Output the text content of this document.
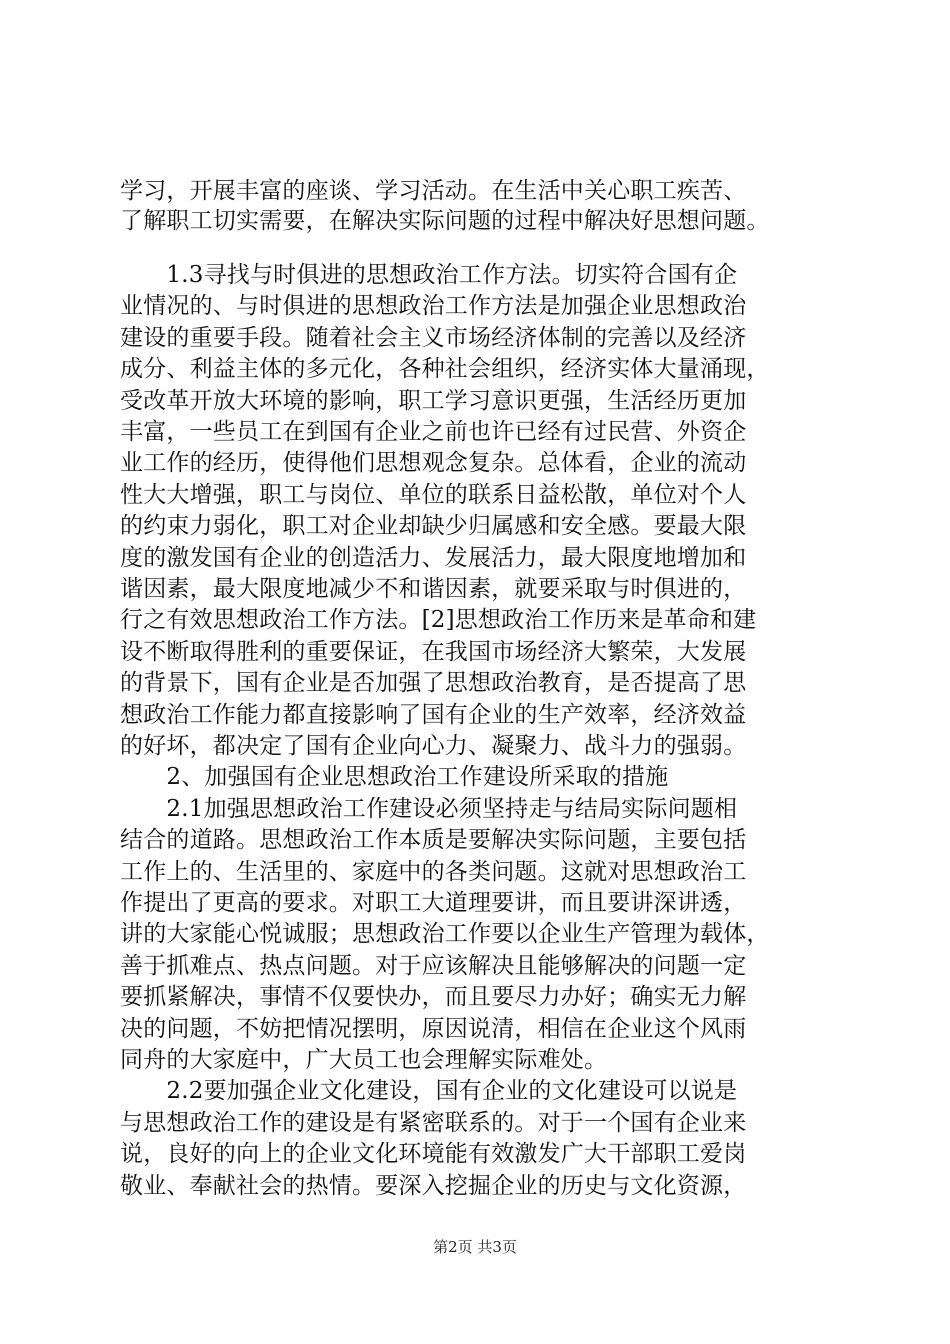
学习，开展丰富的座谈、学习活动。在生活中关心职工疾苦、
了解职工切实需要，在解决实际问题的过程中解决好思想问题。
　　1.3寻找与时俱进的思想政治工作方法。切实符合国有企
业情况的、与时俱进的思想政治工作方法是加强企业思想政治
建设的重要手段。随着社会主义市场经济体制的完善以及经济
成分、利益主体的多元化，各种社会组织，经济实体大量涌现，
受改革开放大环境的影响，职工学习意识更强，生活经历更加
丰富，一些员工在到国有企业之前也许已经有过民营、外资企
业工作的经历，使得他们思想观念复杂。总体看，企业的流动
性大大增强，职工与岗位、单位的联系日益松散，单位对个人
的约束力弱化，职工对企业却缺少归属感和安全感。要最大限
度的激发国有企业的创造活力、发展活力，最大限度地增加和
谐因素，最大限度地减少不和谐因素，就要采取与时俱进的，
行之有效思想政治工作方法。[2]思想政治工作历来是革命和建
设不断取得胜利的重要保证，在我国市场经济大繁荣，大发展
的背景下，国有企业是否加强了思想政治教育，是否提高了思
想政治工作能力都直接影响了国有企业的生产效率，经济效益
的好坏，都决定了国有企业向心力、凝聚力、战斗力的强弱。
　　2、加强国有企业思想政治工作建设所采取的措施
　　2.1加强思想政治工作建设必须坚持走与结局实际问题相
结合的道路。思想政治工作本质是要解决实际问题，主要包括
工作上的、生活里的、家庭中的各类问题。这就对思想政治工
作提出了更高的要求。对职工大道理要讲，而且要讲深讲透，
讲的大家能心悦诚服；思想政治工作要以企业生产管理为载体，
善于抓难点、热点问题。对于应该解决且能够解决的问题一定
要抓紧解决，事情不仅要快办，而且要尽力办好；确实无力解
决的问题，不妨把情况摆明，原因说清，相信在企业这个风雨
同舟的大家庭中，广大员工也会理解实际难处。
　　2.2要加强企业文化建设，国有企业的文化建设可以说是
与思想政治工作的建设是有紧密联系的。对于一个国有企业来
说，良好的向上的企业文化环境能有效激发广大干部职工爱岗
第2页 共3页
敬业、奉献社会的热情。要深入挖掘企业的历史与文化资源，
